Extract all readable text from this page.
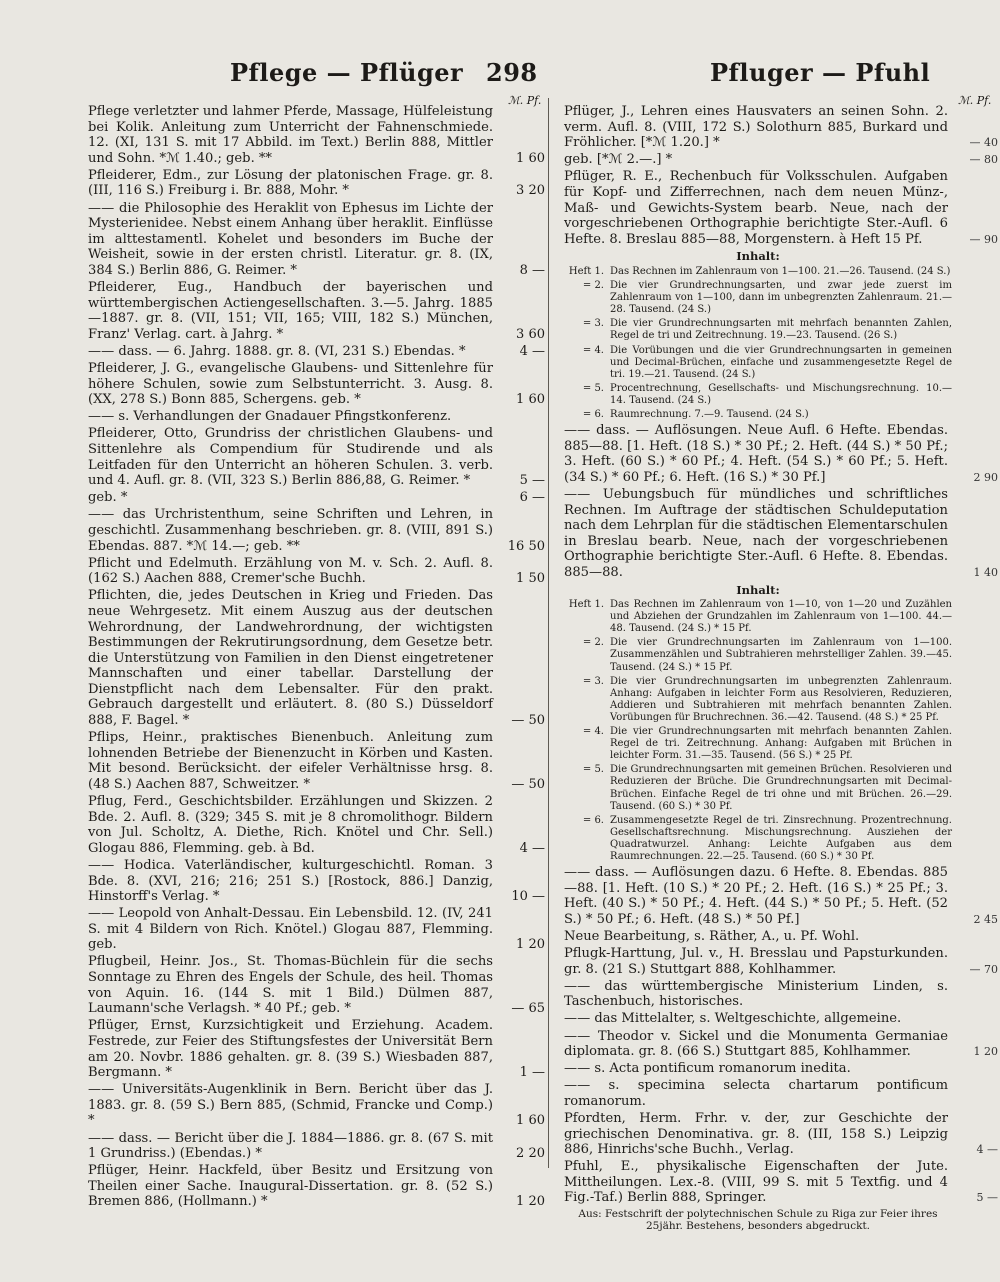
Pflege — Pflüger 298	Pfluger — Pfuhl
ℳ. Pf.	ℳ. Pf.
Pflege verletzter und lahmer Pferde, Massage, Hülfeleistung bei Kolik. Anleitung zum Unterricht der Fahnenschmiede. 12. (XI, 131 S. mit 17 Abbild. im Text.) Berlin 888, Mittler und Sohn. *ℳ 1.40.; geb. **	1 60
Pfleiderer, Edm., zur Lösung der platonischen Frage. gr. 8. (III, 116 S.) Freiburg i. Br. 888, Mohr. *	3 20
—— die Philosophie des Heraklit von Ephesus im Lichte der Mysterienidee. Nebst einem Anhang über heraklit. Einflüsse im alttestamentl. Kohelet und besonders im Buche der Weisheit, sowie in der ersten christl. Literatur. gr. 8. (IX, 384 S.) Berlin 886, G. Reimer. *	8 —
Pfleiderer, Eug., Handbuch der bayerischen und württembergischen Actiengesellschaften. 3.—5. Jahrg. 1885—1887. gr. 8. (VII, 151; VII, 165; VIII, 182 S.) München, Franz' Verlag. cart. à Jahrg. *	3 60
—— dass. — 6. Jahrg. 1888. gr. 8. (VI, 231 S.) Ebendas. *	4 —
Pfleiderer, J. G., evangelische Glaubens- und Sittenlehre für höhere Schulen, sowie zum Selbstunterricht. 3. Ausg. 8. (XX, 278 S.) Bonn 885, Schergens. geb. *	1 60
—— s. Verhandlungen der Gnadauer Pfingstkonferenz.
Pfleiderer, Otto, Grundriss der christlichen Glaubens- und Sittenlehre als Compendium für Studirende und als Leitfaden für den Unterricht an höheren Schulen. 3. verb. und 4. Aufl. gr. 8. (VII, 323 S.) Berlin 886,88, G. Reimer. *	5 —
geb. *	6 —
—— das Urchristenthum, seine Schriften und Lehren, in geschichtl. Zusammenhang beschrieben. gr. 8. (VIII, 891 S.) Ebendas. 887. *ℳ 14.—; geb. **	16 50
Pflicht und Edelmuth. Erzählung von M. v. Sch. 2. Aufl. 8. (162 S.) Aachen 888, Cremer'sche Buchh.	1 50
Pflichten, die, jedes Deutschen in Krieg und Frieden. Das neue Wehrgesetz. Mit einem Auszug aus der deutschen Wehrordnung, der Landwehrordnung, der wichtigsten Bestimmungen der Rekrutirungsordnung, dem Gesetze betr. die Unterstützung von Familien in den Dienst eingetretener Mannschaften und einer tabellar. Darstellung der Dienstpflicht nach dem Lebensalter. Für den prakt. Gebrauch dargestellt und erläutert. 8. (80 S.) Düsseldorf 888, F. Bagel. *	— 50
Pflips, Heinr., praktisches Bienenbuch. Anleitung zum lohnenden Betriebe der Bienenzucht in Körben und Kasten. Mit besond. Berücksicht. der eifeler Verhältnisse hrsg. 8. (48 S.) Aachen 887, Schweitzer. *	— 50
Pflug, Ferd., Geschichtsbilder. Erzählungen und Skizzen. 2 Bde. 2. Aufl. 8. (329; 345 S. mit je 8 chromolithogr. Bildern von Jul. Scholtz, A. Diethe, Rich. Knötel und Chr. Sell.) Glogau 886, Flemming. geb. à Bd.	4 —
—— Hodica. Vaterländischer, kulturgeschichtl. Roman. 3 Bde. 8. (XVI, 216; 216; 251 S.) [Rostock, 886.] Danzig, Hinstorff's Verlag. *	10 —
—— Leopold von Anhalt-Dessau. Ein Lebensbild. 12. (IV, 241 S. mit 4 Bildern von Rich. Knötel.) Glogau 887, Flemming. geb.	1 20
Pflugbeil, Heinr. Jos., St. Thomas-Büchlein für die sechs Sonntage zu Ehren des Engels der Schule, des heil. Thomas von Aquin. 16. (144 S. mit 1 Bild.) Dülmen 887, Laumann'sche Verlagsh. * 40 Pf.; geb. *	— 65
Pflüger, Ernst, Kurzsichtigkeit und Erziehung. Academ. Festrede, zur Feier des Stiftungsfestes der Universität Bern am 20. Novbr. 1886 gehalten. gr. 8. (39 S.) Wiesbaden 887, Bergmann. *	1 —
—— Universitäts-Augenklinik in Bern. Bericht über das J. 1883. gr. 8. (59 S.) Bern 885, (Schmid, Francke und Comp.) *	1 60
—— dass. — Bericht über die J. 1884—1886. gr. 8. (67 S. mit 1 Grundriss.) (Ebendas.) *	2 20
Pflüger, Heinr. Hackfeld, über Besitz und Ersitzung von Theilen einer Sache. Inaugural-Dissertation. gr. 8. (52 S.) Bremen 886, (Hollmann.) *	1 20
Pflüger, J., Lehren eines Hausvaters an seinen Sohn. 2. verm. Aufl. 8. (VIII, 172 S.) Solothurn 885, Burkard und Fröhlicher. [*ℳ 1.20.] *	— 40
geb. [*ℳ 2.—.] *	— 80
Pflüger, R. E., Rechenbuch für Volksschulen. Aufgaben für Kopf- und Zifferrechnen, nach dem neuen Münz-, Maß- und Gewichts-System bearb. Neue, nach der vorgeschriebenen Orthographie berichtigte Ster.-Aufl. 6 Hefte. 8. Breslau 885—88, Morgenstern. à Heft 15 Pf.	— 90
Inhalt:
Heft 1. Das Rechnen im Zahlenraum von 1—100. 21.—26. Tausend. (24 S.)
= 2. Die vier Grundrechnungsarten, und zwar jede zuerst im Zahlenraum von 1—100, dann im unbegrenzten Zahlenraum. 21.—28. Tausend. (24 S.)
= 3. Die vier Grundrechnungsarten mit mehrfach benannten Zahlen, Regel de tri und Zeitrechnung. 19.—23. Tausend. (26 S.)
= 4. Die Vorübungen und die vier Grundrechnungsarten in gemeinen und Decimal-Brüchen, einfache und zusammengesetzte Regel de tri. 19.—21. Tausend. (24 S.)
= 5. Procentrechnung, Gesellschafts- und Mischungsrechnung. 10.—14. Tausend. (24 S.)
= 6. Raumrechnung. 7.—9. Tausend. (24 S.)
—— dass. — Auflösungen. Neue Aufl. 6 Hefte. Ebendas. 885—88. [1. Heft. (18 S.) * 30 Pf.; 2. Heft. (44 S.) * 50 Pf.; 3. Heft. (60 S.) * 60 Pf.; 4. Heft. (54 S.) * 60 Pf.; 5. Heft. (34 S.) * 60 Pf.; 6. Heft. (16 S.) * 30 Pf.]	2 90
—— Uebungsbuch für mündliches und schriftliches Rechnen. Im Auftrage der städtischen Schuldeputation nach dem Lehrplan für die städtischen Elementarschulen in Breslau bearb. Neue, nach der vorgeschriebenen Orthographie berichtigte Ster.-Aufl. 6 Hefte. 8. Ebendas. 885—88.	1 40
Inhalt:
Heft 1. Das Rechnen im Zahlenraum von 1—10, von 1—20 und Zuzählen und Abziehen der Grundzahlen im Zahlenraum von 1—100. 44.—48. Tausend. (24 S.) * 15 Pf.
= 2. Die vier Grundrechnungsarten im Zahlenraum von 1—100. Zusammenzählen und Subtrahieren mehrstelliger Zahlen. 39.—45. Tausend. (24 S.) * 15 Pf.
= 3. Die vier Grundrechnungsarten im unbegrenzten Zahlenraum. Anhang: Aufgaben in leichter Form aus Resolvieren, Reduzieren, Addieren und Subtrahieren mit mehrfach benannten Zahlen. Vorübungen für Bruchrechnen. 36.—42. Tausend. (48 S.) * 25 Pf.
= 4. Die vier Grundrechnungsarten mit mehrfach benannten Zahlen. Regel de tri. Zeitrechnung. Anhang: Aufgaben mit Brüchen in leichter Form. 31.—35. Tausend. (56 S.) * 25 Pf.
= 5. Die Grundrechnungsarten mit gemeinen Brüchen. Resolvieren und Reduzieren der Brüche. Die Grundrechnungsarten mit Decimal-Brüchen. Einfache Regel de tri ohne und mit Brüchen. 26.—29. Tausend. (60 S.) * 30 Pf.
= 6. Zusammengesetzte Regel de tri. Zinsrechnung. Prozentrechnung. Gesellschaftsrechnung. Mischungsrechnung. Ausziehen der Quadratwurzel. Anhang: Leichte Aufgaben aus dem Raumrechnungen. 22.—25. Tausend. (60 S.) * 30 Pf.
—— dass. — Auflösungen dazu. 6 Hefte. 8. Ebendas. 885—88. [1. Heft. (10 S.) * 20 Pf.; 2. Heft. (16 S.) * 25 Pf.; 3. Heft. (40 S.) * 50 Pf.; 4. Heft. (44 S.) * 50 Pf.; 5. Heft. (52 S.) * 50 Pf.; 6. Heft. (48 S.) * 50 Pf.]	2 45
Neue Bearbeitung, s. Räther, A., u. Pf. Wohl.
Pflugk-Harttung, Jul. v., H. Bresslau und Papsturkunden. gr. 8. (21 S.) Stuttgart 888, Kohlhammer.	— 70
—— das württembergische Ministerium Linden, s. Taschenbuch, historisches.
—— das Mittelalter, s. Weltgeschichte, allgemeine.
—— Theodor v. Sickel und die Monumenta Germaniae diplomata. gr. 8. (66 S.) Stuttgart 885, Kohlhammer.	1 20
—— s. Acta pontificum romanorum inedita.
—— s. specimina selecta chartarum pontificum romanorum.
Pfordten, Herm. Frhr. v. der, zur Geschichte der griechischen Denominativa. gr. 8. (III, 158 S.) Leipzig 886, Hinrichs'sche Buchh., Verlag.	4 —
Pfuhl, E., physikalische Eigenschaften der Jute. Mittheilungen. Lex.-8. (VIII, 99 S. mit 5 Textfig. und 4 Fig.-Taf.) Berlin 888, Springer.	5 —
Aus: Festschrift der polytechnischen Schule zu Riga zur Feier ihres 25jähr. Bestehens, besonders abgedruckt.
